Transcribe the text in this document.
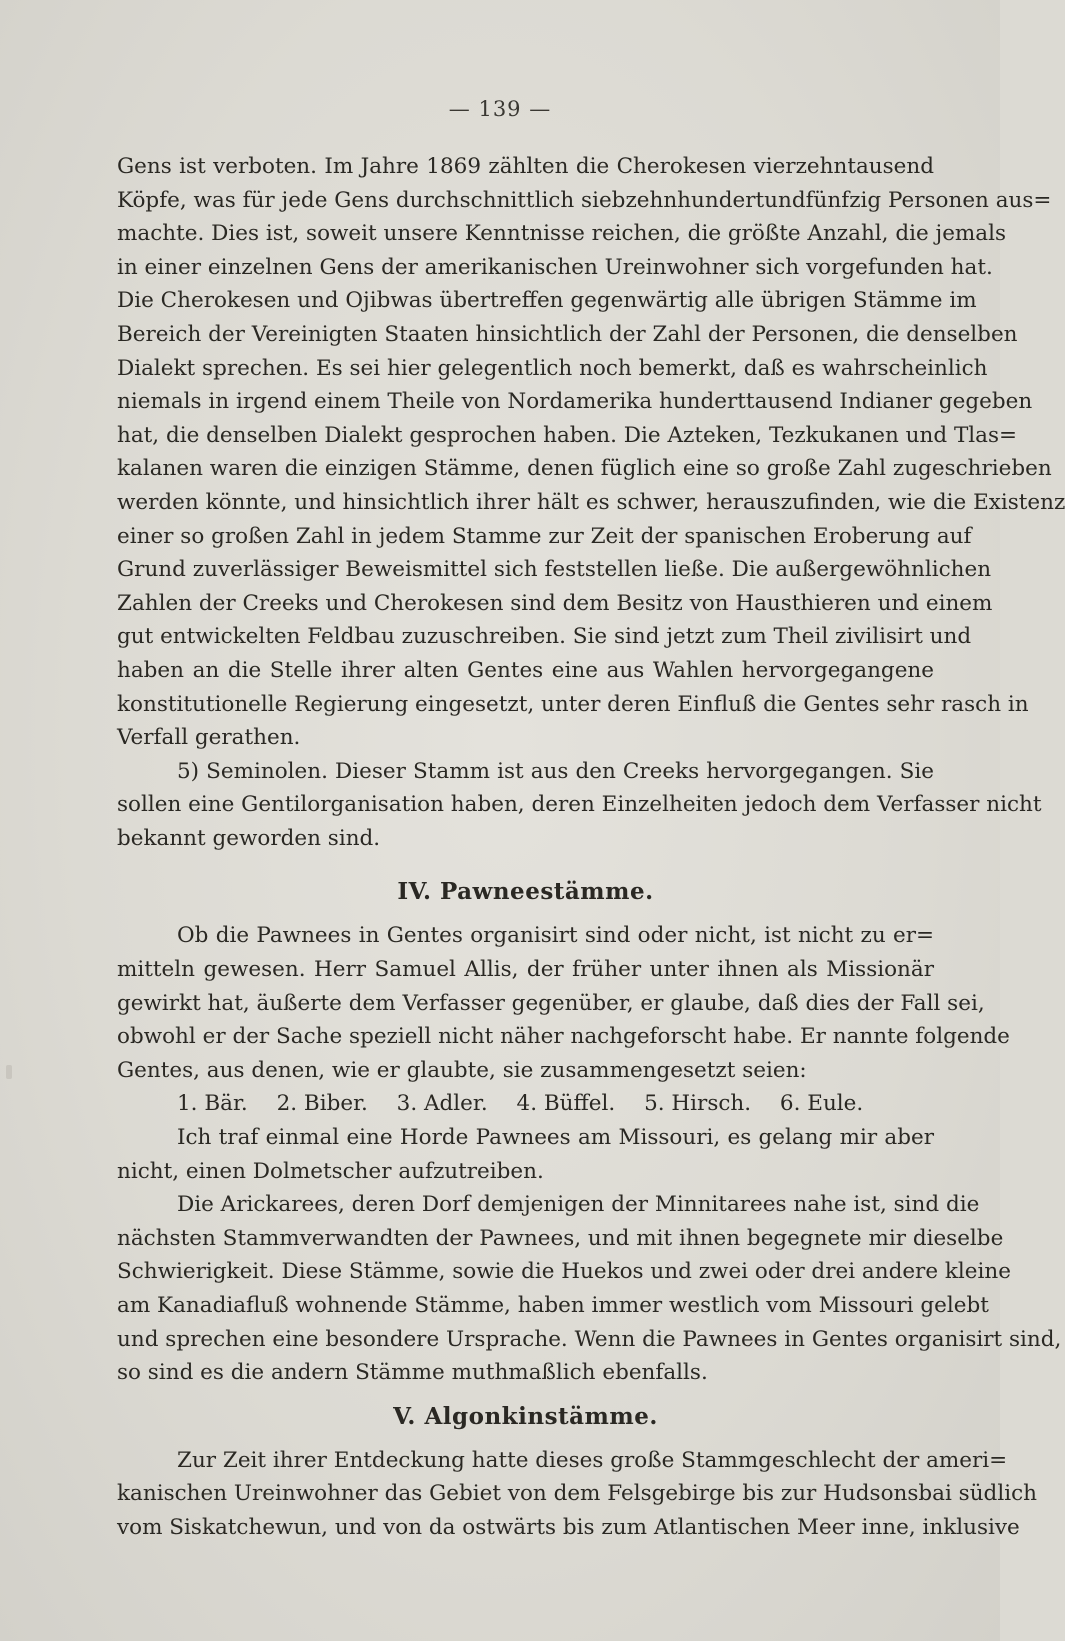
— 139 —
Gens ist verboten. Im Jahre 1869 zählten die Cherokesen vierzehntausend
Köpfe, was für jede Gens durchschnittlich siebzehnhundertundfünfzig Personen aus=
machte. Dies ist, soweit unsere Kenntnisse reichen, die größte Anzahl, die jemals
in einer einzelnen Gens der amerikanischen Ureinwohner sich vorgefunden hat.
Die Cherokesen und Ojibwas übertreffen gegenwärtig alle übrigen Stämme im
Bereich der Vereinigten Staaten hinsichtlich der Zahl der Personen, die denselben
Dialekt sprechen. Es sei hier gelegentlich noch bemerkt, daß es wahrscheinlich
niemals in irgend einem Theile von Nordamerika hunderttausend Indianer gegeben
hat, die denselben Dialekt gesprochen haben. Die Azteken, Tezkukanen und Tlas=
kalanen waren die einzigen Stämme, denen füglich eine so große Zahl zugeschrieben
werden könnte, und hinsichtlich ihrer hält es schwer, herauszufinden, wie die Existenz
einer so großen Zahl in jedem Stamme zur Zeit der spanischen Eroberung auf
Grund zuverlässiger Beweismittel sich feststellen ließe. Die außergewöhnlichen
Zahlen der Creeks und Cherokesen sind dem Besitz von Hausthieren und einem
gut entwickelten Feldbau zuzuschreiben. Sie sind jetzt zum Theil zivilisirt und
haben an die Stelle ihrer alten Gentes eine aus Wahlen hervorgegangene
konstitutionelle Regierung eingesetzt, unter deren Einfluß die Gentes sehr rasch in
Verfall gerathen.
5) Seminolen. Dieser Stamm ist aus den Creeks hervorgegangen. Sie
sollen eine Gentilorganisation haben, deren Einzelheiten jedoch dem Verfasser nicht
bekannt geworden sind.
IV. Pawneestämme.
Ob die Pawnees in Gentes organisirt sind oder nicht, ist nicht zu er=
mitteln gewesen. Herr Samuel Allis, der früher unter ihnen als Missionär
gewirkt hat, äußerte dem Verfasser gegenüber, er glaube, daß dies der Fall sei,
obwohl er der Sache speziell nicht näher nachgeforscht habe. Er nannte folgende
Gentes, aus denen, wie er glaubte, sie zusammengesetzt seien:
1. Bär. 2. Biber. 3. Adler. 4. Büffel. 5. Hirsch. 6. Eule.
Ich traf einmal eine Horde Pawnees am Missouri, es gelang mir aber
nicht, einen Dolmetscher aufzutreiben.
Die Arickarees, deren Dorf demjenigen der Minnitarees nahe ist, sind die
nächsten Stammverwandten der Pawnees, und mit ihnen begegnete mir dieselbe
Schwierigkeit. Diese Stämme, sowie die Huekos und zwei oder drei andere kleine
am Kanadiafluß wohnende Stämme, haben immer westlich vom Missouri gelebt
und sprechen eine besondere Ursprache. Wenn die Pawnees in Gentes organisirt sind,
so sind es die andern Stämme muthmaßlich ebenfalls.
V. Algonkinstämme.
Zur Zeit ihrer Entdeckung hatte dieses große Stammgeschlecht der ameri=
kanischen Ureinwohner das Gebiet von dem Felsgebirge bis zur Hudsonsbai südlich
vom Siskatchewun, und von da ostwärts bis zum Atlantischen Meer inne, inklusive
